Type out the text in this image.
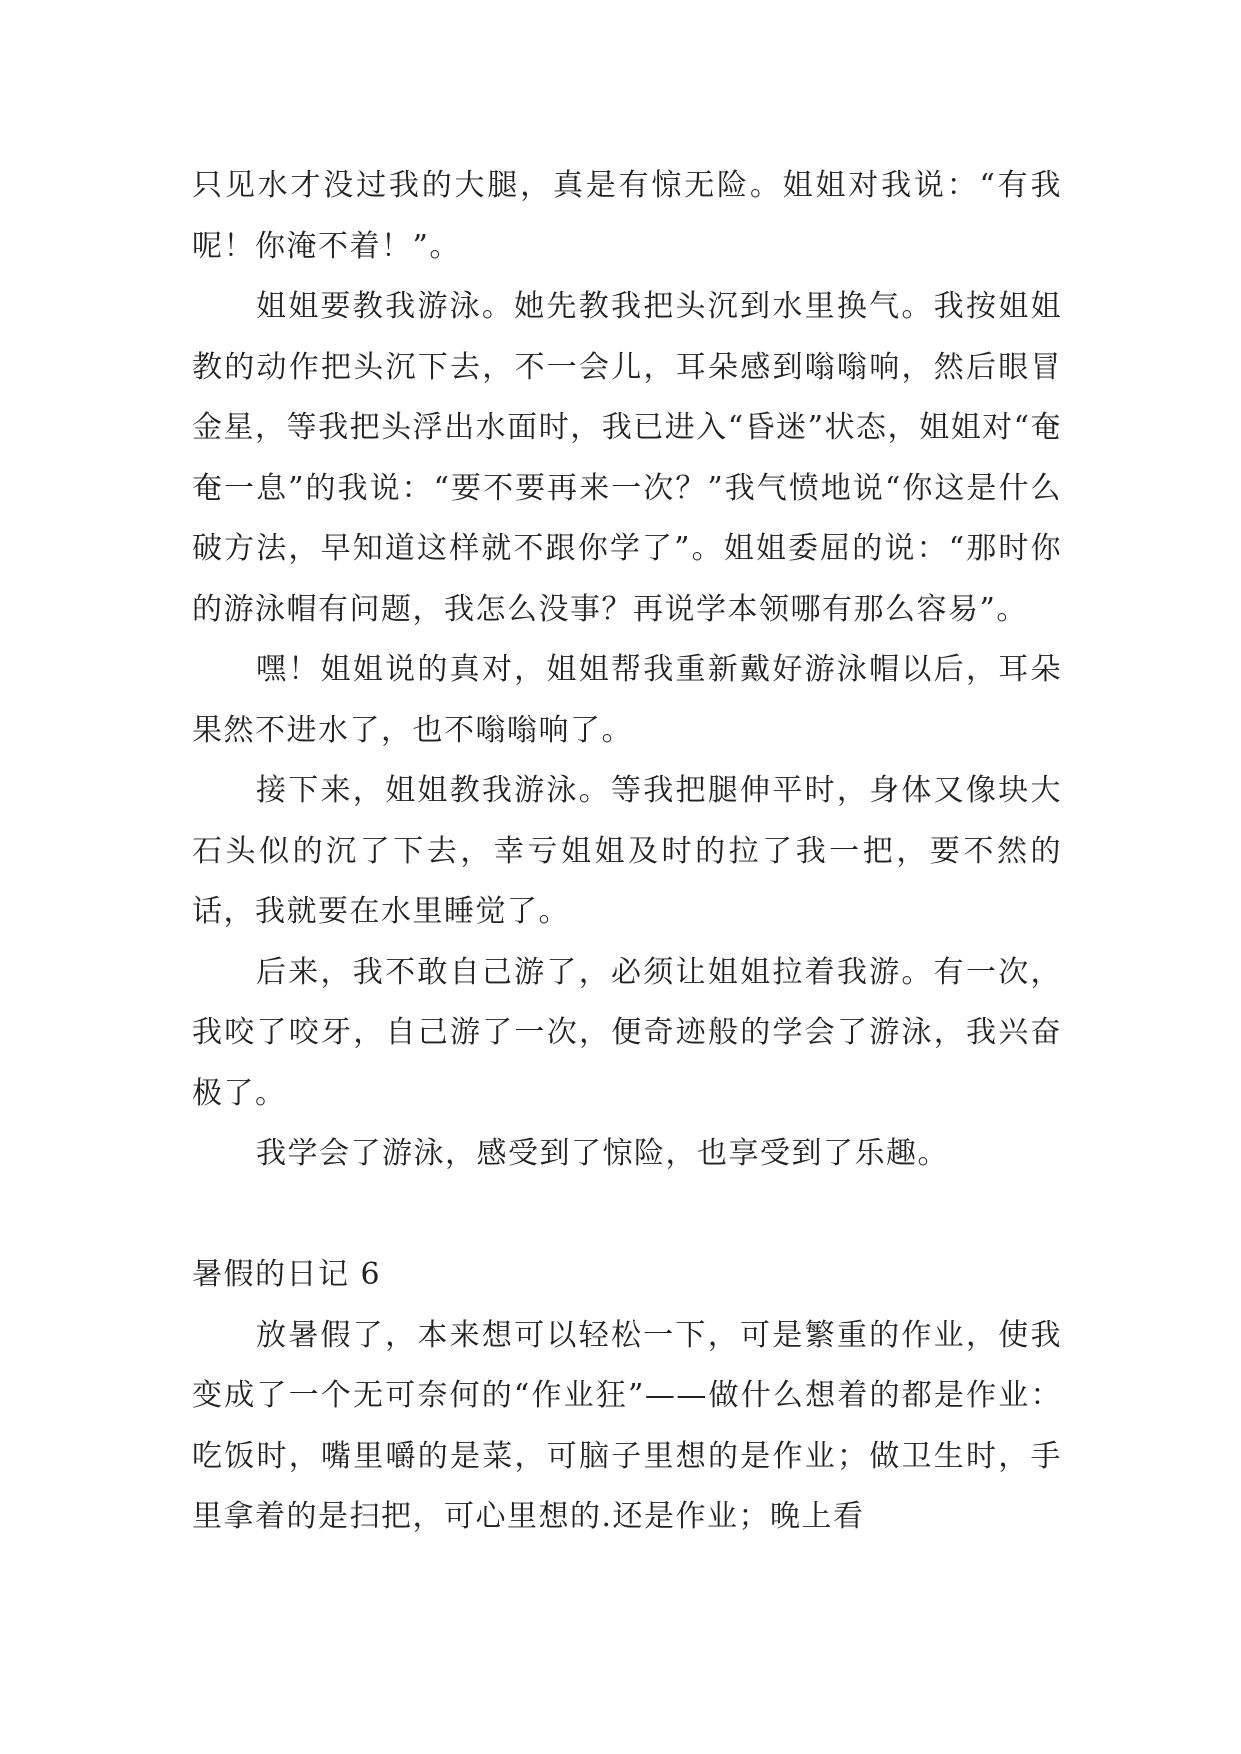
只见水才没过我的大腿，真是有惊无险。姐姐对我说：“有我呢！你淹不着！”。

姐姐要教我游泳。她先教我把头沉到水里换气。我按姐姐教的动作把头沉下去，不一会儿，耳朵感到嗡嗡响，然后眼冒金星，等我把头浮出水面时，我已进入“昏迷”状态，姐姐对“奄奄一息”的我说：“要不要再来一次？”我气愤地说“你这是什么破方法，早知道这样就不跟你学了”。姐姐委屈的说：“那时你的游泳帽有问题，我怎么没事？再说学本领哪有那么容易”。

嘿！姐姐说的真对，姐姐帮我重新戴好游泳帽以后，耳朵果然不进水了，也不嗡嗡响了。

接下来，姐姐教我游泳。等我把腿伸平时，身体又像块大石头似的沉了下去，幸亏姐姐及时的拉了我一把，要不然的话，我就要在水里睡觉了。

后来，我不敢自己游了，必须让姐姐拉着我游。有一次，我咬了咬牙，自己游了一次，便奇迹般的学会了游泳，我兴奋极了。

我学会了游泳，感受到了惊险，也享受到了乐趣。

暑假的日记 6

放暑假了，本来想可以轻松一下，可是繁重的作业，使我变成了一个无可奈何的“作业狂”——做什么想着的都是作业：吃饭时，嘴里嚼的是菜，可脑子里想的是作业；做卫生时，手里拿着的是扫把，可心里想的.还是作业；晚上看
